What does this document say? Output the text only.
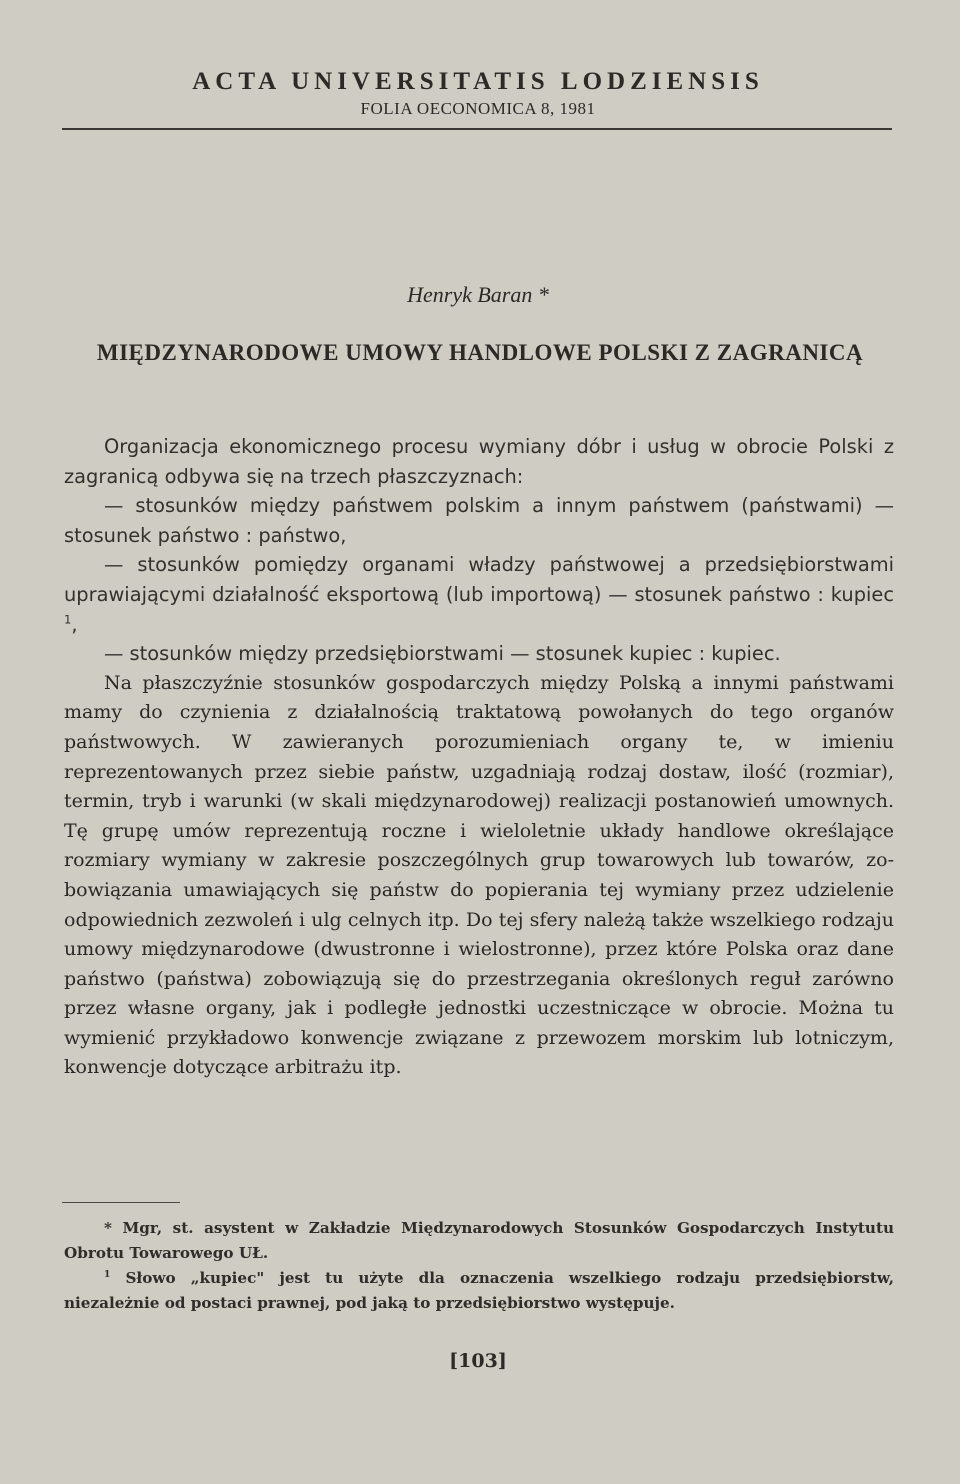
ACTA UNIVERSITATIS LODZIENSIS
FOLIA OECONOMICA 8, 1981
Henryk Baran *
MIĘDZYNARODOWE UMOWY HANDLOWE POLSKI Z ZAGRANICĄ

Organizacja ekonomicznego procesu wymiany dóbr i usług w obrocie Polski z zagranicą odbywa się na trzech płaszczyznach:

— stosunków między państwem polskim a innym państwem (państwami) — stosunek państwo : państwo,

— stosunków pomiędzy organami władzy państwowej a przedsiębiorstwami uprawiającymi działalność eksportową (lub importową) — stosunek państwo : kupiec $^1$,

— stosunków między przedsiębiorstwami — stosunek kupiec : kupiec.

Na płaszczyźnie stosunków gospodarczych między Polską a innymi państwami mamy do czynienia z działalnością traktatową powołanych do tego organów państwowych. W zawieranych porozumieniach organy te, w imieniu reprezentowanych przez siebie państw, uzgadniają rodzaj dostaw, ilość (rozmiar), termin, tryb i warunki (w skali międzynarodowej) realizacji postanowień umownych. Tę grupę umów reprezentują roczne i wieloletnie układy handlowe określające rozmiary wymiany w zakresie poszczególnych grup towarowych lub towarów, zobowiązania umawiających się państw do popierania tej wymiany przez udzielenie odpowiednich zezwoleń i ulg celnych itp. Do tej sfery należą także wszelkiego rodzaju umowy międzynarodowe (dwustronne i wielostronne), przez które Polska oraz dane państwo (państwa) zobowiązują się do przestrzegania określonych reguł zarówno przez własne organy, jak i podległe jednostki uczestniczące w obrocie. Można tu wymienić przykładowo konwencje związane z przewozem morskim lub lotniczym, konwencje dotyczące arbitrażu itp.

* Mgr, st. asystent w Zakładzie Międzynarodowych Stosunków Gospodarczych Instytutu Obrotu Towarowego UŁ.

$^1$ Słowo „kupiec" jest tu użyte dla oznaczenia wszelkiego rodzaju przedsiębiorstw, niezależnie od postaci prawnej, pod jaką to przedsiębiorstwo występuje.

[103]
